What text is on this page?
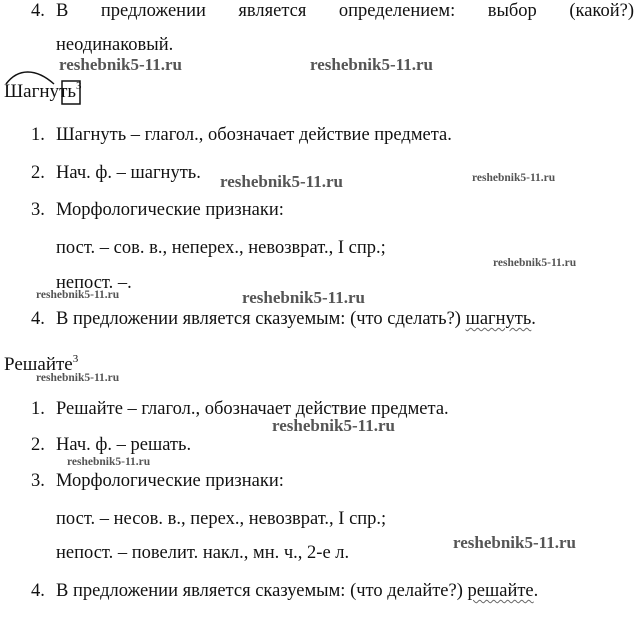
4. В предложении является определением: выбор (какой?)
неодинаковый.
reshebnik5-11.ru	reshebnik5-11.ru
Шагнуть$^3$
1. Шагнуть – глагол., обозначает действие предмета.
2. Нач. ф. – шагнуть. reshebnik5-11.ru	reshebnik5-11.ru
3. Морфологические признаки:
пост. – сов. в., неперех., невозврат., I спр.;
reshebnik5-11.ru
непост. –.
reshebnik5-11.ru	reshebnik5-11.ru
4. В предложении является сказуемым: (что сделать?) шагнуть.
Решайте$^3$
reshebnik5-11.ru
1. Решайте – глагол., обозначает действие предмета.
reshebnik5-11.ru
2. Нач. ф. – решать.
reshebnik5-11.ru
3. Морфологические признаки:
пост. – несов. в., перех., невозврат., I спр.;
непост. – повелит. накл., мн. ч., 2-е л.
reshebnik5-11.ru
4. В предложении является сказуемым: (что делайте?) решайте.
